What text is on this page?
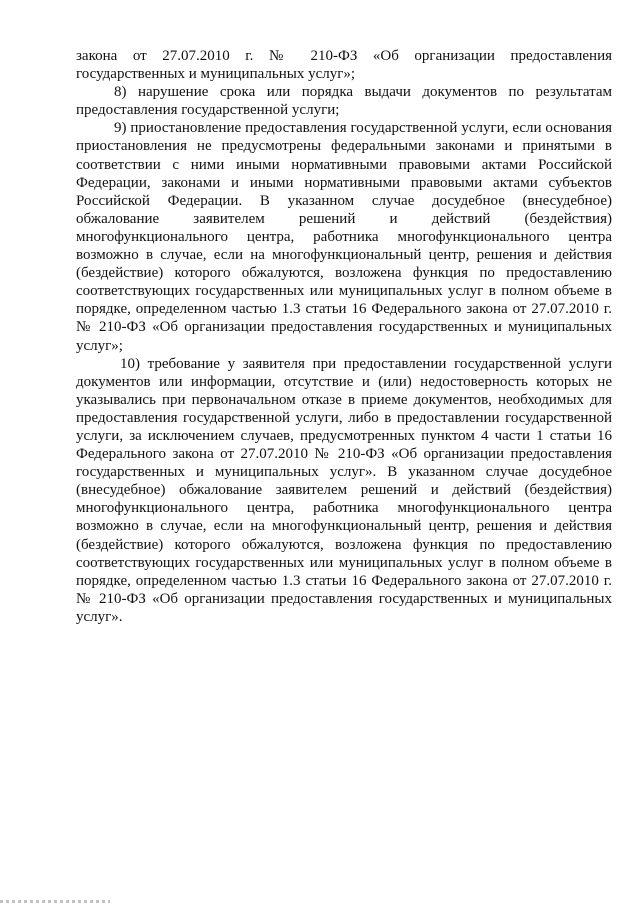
закона от 27.07.2010 г. № 210-ФЗ «Об организации предоставления государственных и муниципальных услуг»;

8) нарушение срока или порядка выдачи документов по результатам предоставления государственной услуги;

9) приостановление предоставления государственной услуги, если основания приостановления не предусмотрены федеральными законами и принятыми в соответствии с ними иными нормативными правовыми актами Российской Федерации, законами и иными нормативными правовыми актами субъектов Российской Федерации. В указанном случае досудебное (внесудебное) обжалование заявителем решений и действий (бездействия) многофункционального центра, работника многофункционального центра возможно в случае, если на многофункциональный центр, решения и действия (бездействие) которого обжалуются, возложена функция по предоставлению соответствующих государственных или муниципальных услуг в полном объеме в порядке, определенном частью 1.3 статьи 16 Федерального закона от 27.07.2010 г. № 210-ФЗ «Об организации предоставления государственных и муниципальных услуг»;

10) требование у заявителя при предоставлении государственной услуги документов или информации, отсутствие и (или) недостоверность которых не указывались при первоначальном отказе в приеме документов, необходимых для предоставления государственной услуги, либо в предоставлении государственной услуги, за исключением случаев, предусмотренных пунктом 4 части 1 статьи 16 Федерального закона от 27.07.2010 № 210-ФЗ «Об организации предоставления государственных и муниципальных услуг». В указанном случае досудебное (внесудебное) обжалование заявителем решений и действий (бездействия) многофункционального центра, работника многофункционального центра возможно в случае, если на многофункциональный центр, решения и действия (бездействие) которого обжалуются, возложена функция по предоставлению соответствующих государственных или муниципальных услуг в полном объеме в порядке, определенном частью 1.3 статьи 16 Федерального закона от 27.07.2010 г. № 210-ФЗ «Об организации предоставления государственных и муниципальных услуг».
